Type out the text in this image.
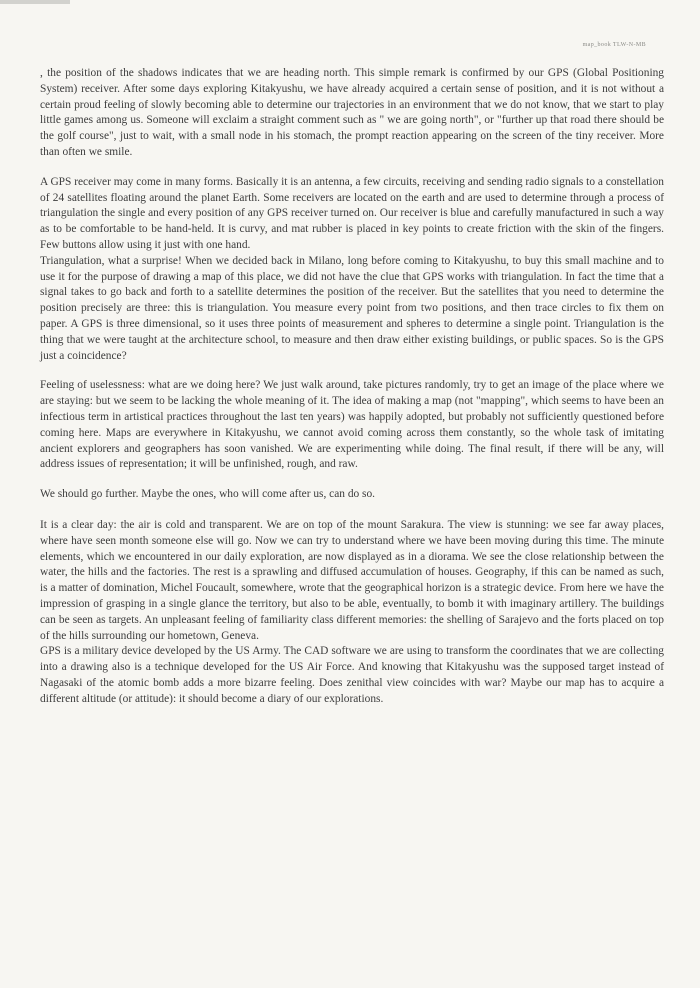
map_book TLW-N-MB

, the position of the shadows indicates that we are heading north. This simple remark is confirmed by our GPS (Global Positioning System) receiver. After some days exploring Kitakyushu, we have already acquired a certain sense of position, and it is not without a certain proud feeling of slowly becoming able to determine our trajectories in an environment that we do not know, that we start to play little games among us. Someone will exclaim a straight comment such as " we are going north", or "further up that road there should be the golf course", just to wait, with a small node in his stomach, the prompt reaction appearing on the screen of the tiny receiver. More than often we smile.

A GPS receiver may come in many forms. Basically it is an antenna, a few circuits, receiving and sending radio signals to a constellation of 24 satellites floating around the planet Earth. Some receivers are located on the earth and are used to determine through a process of triangulation the single and every position of any GPS receiver turned on. Our receiver is blue and carefully manufactured in such a way as to be comfortable to be hand-held. It is curvy, and mat rubber is placed in key points to create friction with the skin of the fingers. Few buttons allow using it just with one hand.

Triangulation, what a surprise! When we decided back in Milano, long before coming to Kitakyushu, to buy this small machine and to use it for the purpose of drawing a map of this place, we did not have the clue that GPS works with triangulation. In fact the time that a signal takes to go back and forth to a satellite determines the position of the receiver. But the satellites that you need to determine the position precisely are three: this is triangulation. You measure every point from two positions, and then trace circles to fix them on paper. A GPS is three dimensional, so it uses three points of measurement and spheres to determine a single point. Triangulation is the thing that we were taught at the architecture school, to measure and then draw either existing buildings, or public spaces. So is the GPS just a coincidence?

Feeling of uselessness: what are we doing here? We just walk around, take pictures randomly, try to get an image of the place where we are staying: but we seem to be lacking the whole meaning of it. The idea of making a map (not "mapping", which seems to have been an infectious term in artistical practices throughout the last ten years) was happily adopted, but probably not sufficiently questioned before coming here. Maps are everywhere in Kitakyushu, we cannot avoid coming across them constantly, so the whole task of imitating ancient explorers and geographers has soon vanished. We are experimenting while doing. The final result, if there will be any, will address issues of representation; it will be unfinished, rough, and raw.

We should go further. Maybe the ones, who will come after us, can do so.

It is a clear day: the air is cold and transparent. We are on top of the mount Sarakura. The view is stunning: we see far away places, where have seen month someone else will go. Now we can try to understand where we have been moving during this time. The minute elements, which we encountered in our daily exploration, are now displayed as in a diorama. We see the close relationship between the water, the hills and the factories. The rest is a sprawling and diffused accumulation of houses. Geography, if this can be named as such, is a matter of domination, Michel Foucault, somewhere, wrote that the geographical horizon is a strategic device. From here we have the impression of grasping in a single glance the territory, but also to be able, eventually, to bomb it with imaginary artillery. The buildings can be seen as targets. An unpleasant feeling of familiarity class different memories: the shelling of Sarajevo and the forts placed on top of the hills surrounding our hometown, Geneva.

GPS is a military device developed by the US Army. The CAD software we are using to transform the coordinates that we are collecting into a drawing also is a technique developed for the US Air Force. And knowing that Kitakyushu was the supposed target instead of Nagasaki of the atomic bomb adds a more bizarre feeling. Does zenithal view coincides with war? Maybe our map has to acquire a different altitude (or attitude): it should become a diary of our explorations.
